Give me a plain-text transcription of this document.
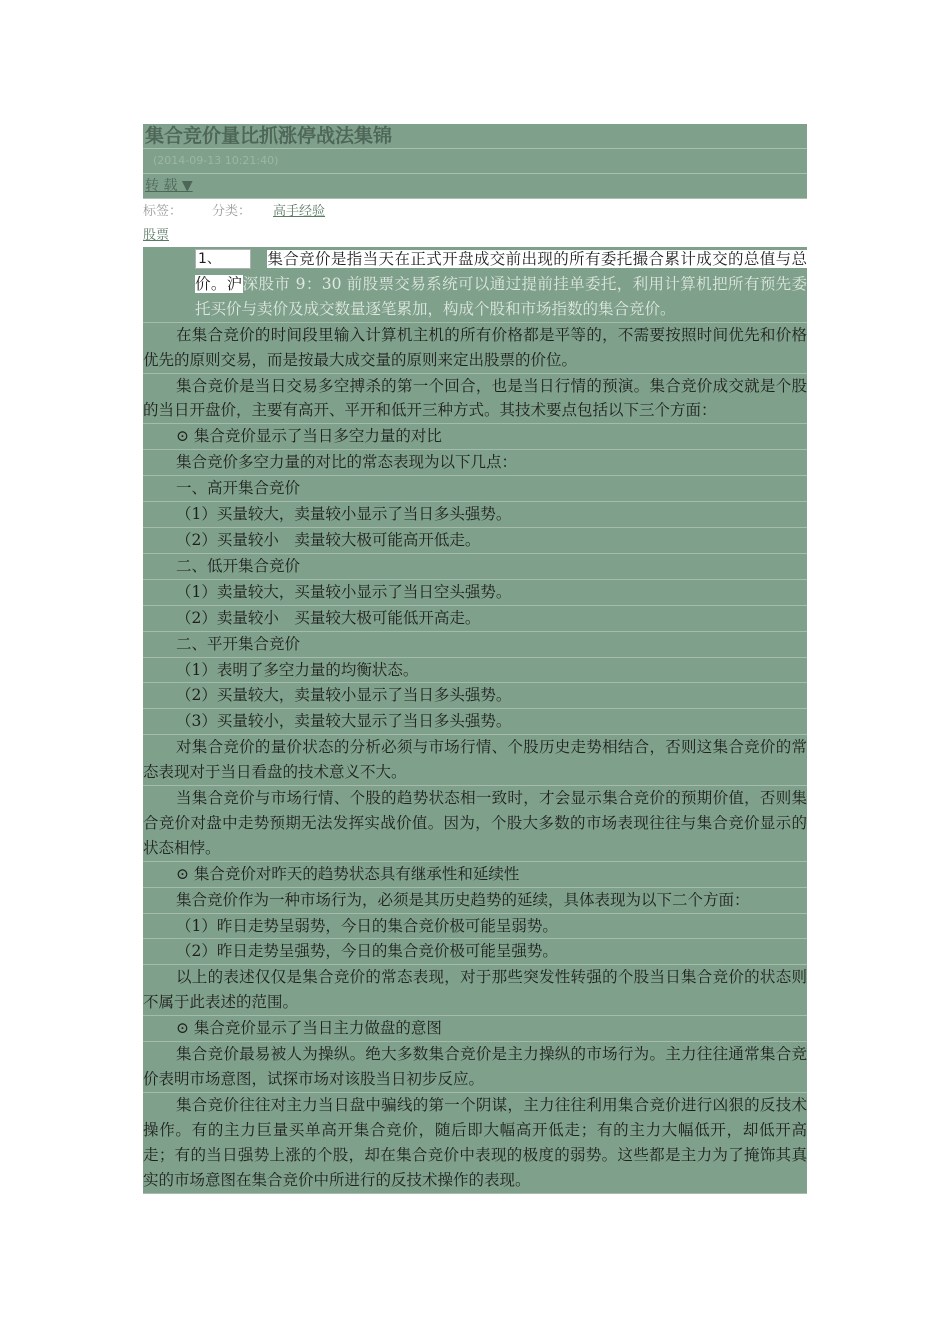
集合竞价量比抓涨停战法集锦
(2014-09-13 10:21:40)
转 载 ▼
标签： 分类： 高手经验
股票

1、	集合竞价是指当天在正式开盘成交前出现的所有委托撮合累计成交的总值与总价。沪深股市 9：30 前股票交易系统可以通过提前挂单委托，利用计算机把所有预先委托买价与卖价及成交数量逐笔累加，构成个股和市场指数的集合竞价。

在集合竞价的时间段里输入计算机主机的所有价格都是平等的，不需要按照时间优先和价格优先的原则交易，而是按最大成交量的原则来定出股票的价位。

集合竞价是当日交易多空搏杀的第一个回合，也是当日行情的预演。集合竞价成交就是个股的当日开盘价，主要有高开、平开和低开三种方式。其技术要点包括以下三个方面：

⊙ 集合竞价显示了当日多空力量的对比

集合竞价多空力量的对比的常态表现为以下几点：

一、高开集合竞价

（1）买量较大，卖量较小显示了当日多头强势。

（2）买量较小　卖量较大极可能高开低走。

二、低开集合竞价

（1）卖量较大，买量较小显示了当日空头强势。

（2）卖量较小　买量较大极可能低开高走。

二、平开集合竞价

（1）表明了多空力量的均衡状态。

（2）买量较大，卖量较小显示了当日多头强势。

（3）买量较小，卖量较大显示了当日多头强势。

对集合竞价的量价状态的分析必须与市场行情、个股历史走势相结合，否则这集合竞价的常态表现对于当日看盘的技术意义不大。

当集合竞价与市场行情、个股的趋势状态相一致时，才会显示集合竞价的预期价值，否则集合竞价对盘中走势预期无法发挥实战价值。因为，个股大多数的市场表现往往与集合竞价显示的状态相悖。

⊙ 集合竞价对昨天的趋势状态具有继承性和延续性

集合竞价作为一种市场行为，必须是其历史趋势的延续，具体表现为以下二个方面：

（1）昨日走势呈弱势，今日的集合竞价极可能呈弱势。

（2）昨日走势呈强势，今日的集合竞价极可能呈强势。

以上的表述仅仅是集合竞价的常态表现，对于那些突发性转强的个股当日集合竞价的状态则不属于此表述的范围。

⊙ 集合竞价显示了当日主力做盘的意图

集合竞价最易被人为操纵。绝大多数集合竞价是主力操纵的市场行为。主力往往通常集合竞价表明市场意图，试探市场对该股当日初步反应。

集合竞价往往对主力当日盘中骗线的第一个阴谋，主力往往利用集合竞价进行凶狠的反技术操作。有的主力巨量买单高开集合竞价，随后即大幅高开低走；有的主力大幅低开，却低开高走；有的当日强势上涨的个股，却在集合竞价中表现的极度的弱势。这些都是主力为了掩饰其真实的市场意图在集合竞价中所进行的反技术操作的表现。
